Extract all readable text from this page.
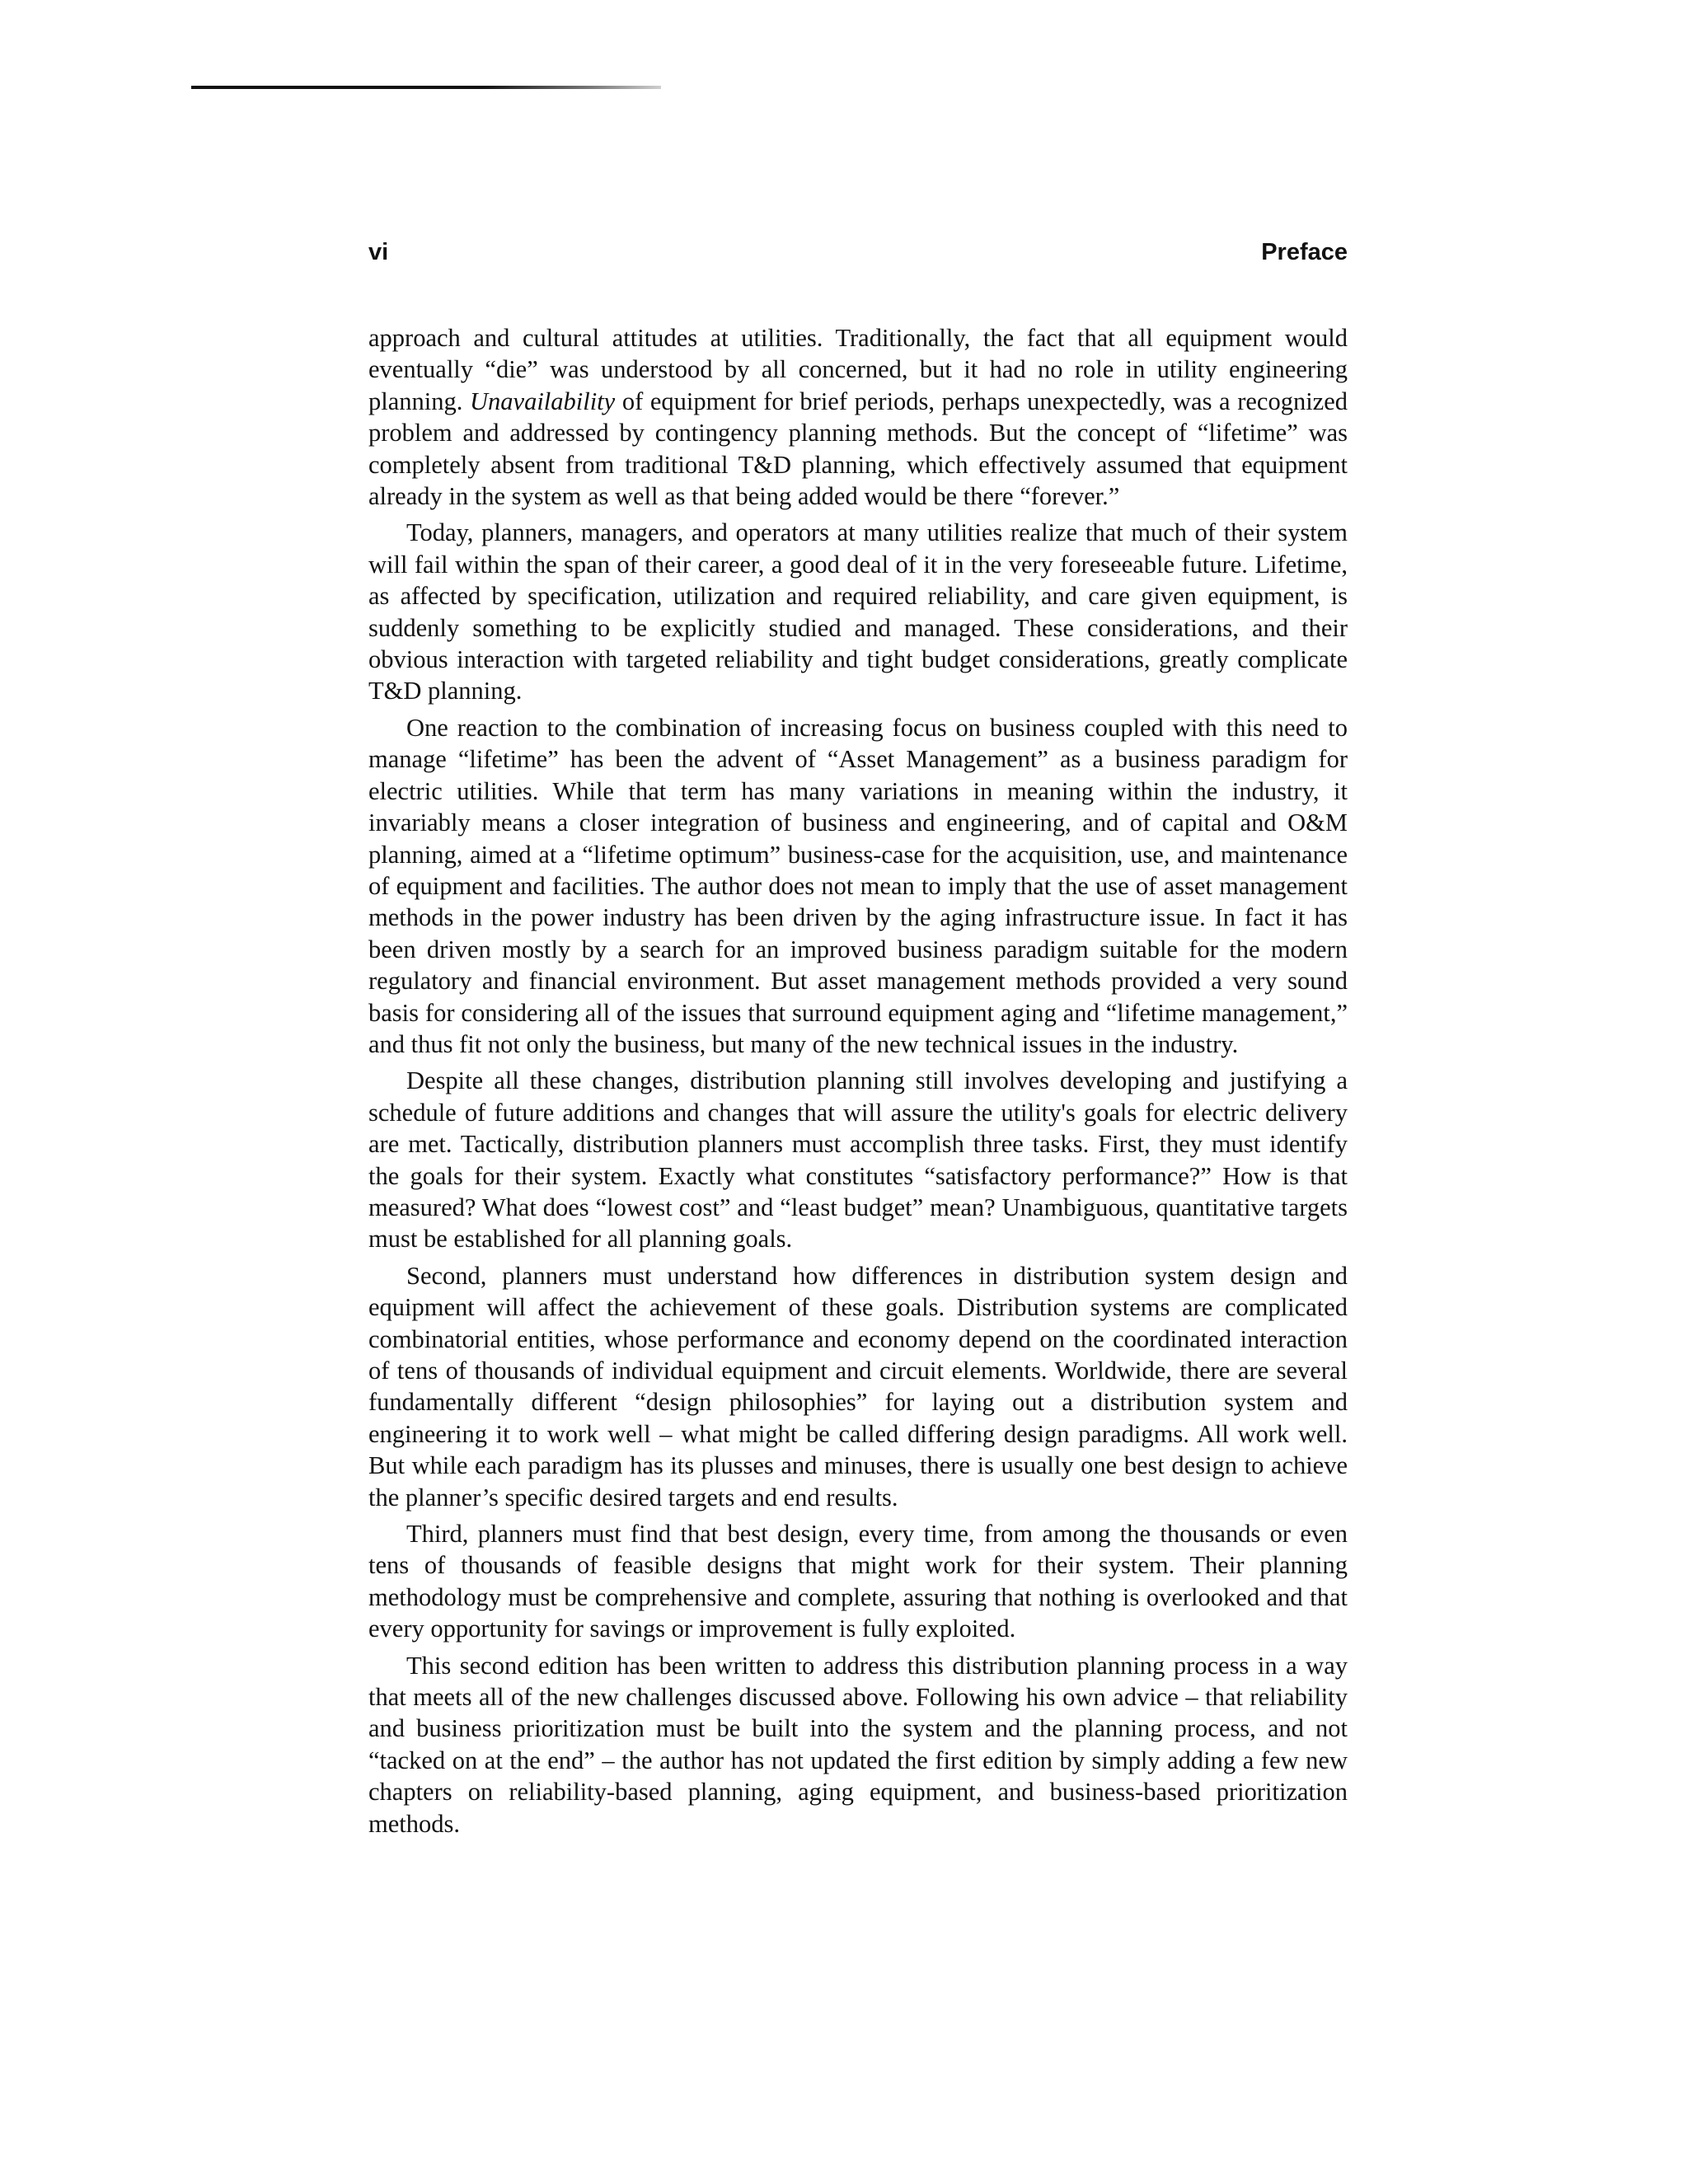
vi	Preface

approach and cultural attitudes at utilities. Traditionally, the fact that all equipment would eventually “die” was understood by all concerned, but it had no role in utility engineering planning. Unavailability of equipment for brief periods, perhaps unexpectedly, was a recognized problem and addressed by contingency planning methods. But the concept of “lifetime” was completely absent from traditional T&D planning, which effectively assumed that equipment already in the system as well as that being added would be there “forever.”

Today, planners, managers, and operators at many utilities realize that much of their system will fail within the span of their career, a good deal of it in the very foreseeable future. Lifetime, as affected by specification, utilization and required reliability, and care given equipment, is suddenly something to be explicitly studied and managed. These considerations, and their obvious interaction with targeted reliability and tight budget considerations, greatly complicate T&D planning.

One reaction to the combination of increasing focus on business coupled with this need to manage “lifetime” has been the advent of “Asset Management” as a business paradigm for electric utilities. While that term has many variations in meaning within the industry, it invariably means a closer integration of business and engineering, and of capital and O&M planning, aimed at a “lifetime optimum” business-case for the acquisition, use, and maintenance of equipment and facilities. The author does not mean to imply that the use of asset management methods in the power industry has been driven by the aging infrastructure issue. In fact it has been driven mostly by a search for an improved business paradigm suitable for the modern regulatory and financial environment. But asset management methods provided a very sound basis for considering all of the issues that surround equipment aging and “lifetime management,” and thus fit not only the business, but many of the new technical issues in the industry.

Despite all these changes, distribution planning still involves developing and justifying a schedule of future additions and changes that will assure the utility's goals for electric delivery are met. Tactically, distribution planners must accomplish three tasks. First, they must identify the goals for their system. Exactly what constitutes “satisfactory performance?” How is that measured? What does “lowest cost” and “least budget” mean? Unambiguous, quantitative targets must be established for all planning goals.

Second, planners must understand how differences in distribution system design and equipment will affect the achievement of these goals. Distribution systems are complicated combinatorial entities, whose performance and economy depend on the coordinated interaction of tens of thousands of individual equipment and circuit elements. Worldwide, there are several fundamentally different “design philosophies” for laying out a distribution system and engineering it to work well – what might be called differing design paradigms. All work well. But while each paradigm has its plusses and minuses, there is usually one best design to achieve the planner’s specific desired targets and end results.

Third, planners must find that best design, every time, from among the thousands or even tens of thousands of feasible designs that might work for their system. Their planning methodology must be comprehensive and complete, assuring that nothing is overlooked and that every opportunity for savings or improvement is fully exploited.

This second edition has been written to address this distribution planning process in a way that meets all of the new challenges discussed above. Following his own advice – that reliability and business prioritization must be built into the system and the planning process, and not “tacked on at the end” – the author has not updated the first edition by simply adding a few new chapters on reliability-based planning, aging equipment, and business-based prioritization methods.
